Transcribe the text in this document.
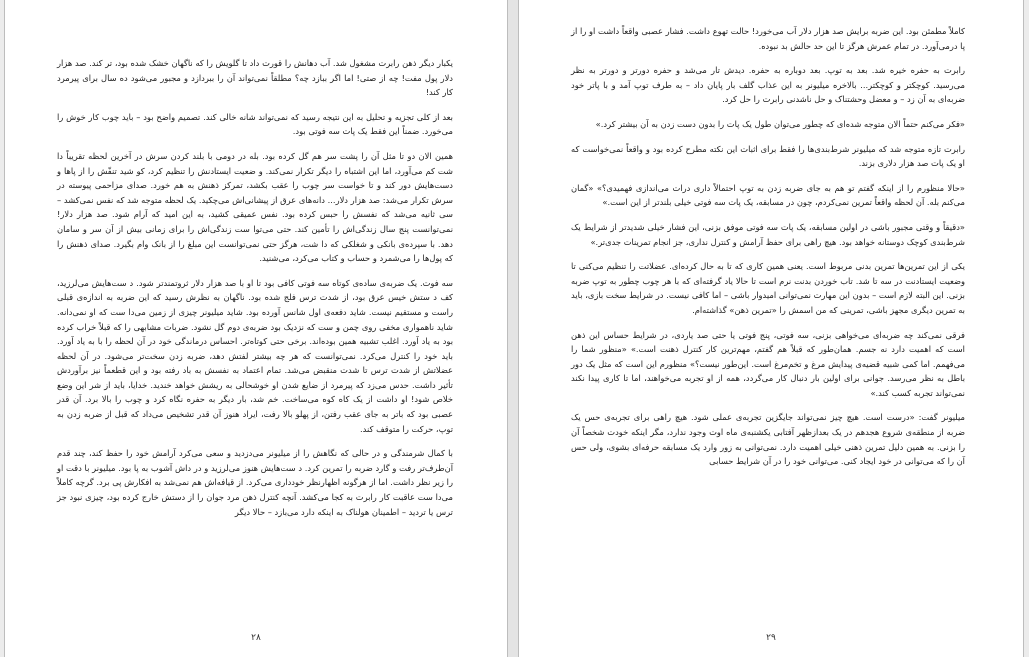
یکبار دیگر ذهن رابرت مشغول شد. آب دهانش را قورت داد تا گلویش را که ناگهان خشک شده بود، تر کند. صد هزار دلار پول مفت! چه از صتی! اما اگر ببازد چه؟ مطلقاً نمی‌تواند آن را ببردازد و مجبور می‌شود ده سال برای پیرمرد کار کند!

بعد از کلی تجزیه و تحلیل به این نتیجه رسید که نمی‌تواند شانه خالی کند. تصمیم واضح بود – باید چوب کار خوش را می‌خورد. ضمناً این فقط یک پات سه فوتی بود.

همین الان دو تا مثل آن را پشت سر هم گل کرده بود. بله در دومی با بلند کردن سرش در آخرین لحظه تقریباً دا شت کم می‌آورد، اما این اشتباه را دیگر تکرار نمی‌کند. و ضعیت ایستادنش را تنظیم کرد، کو شید تنفّش را از پاها و دست‌هایش دور کند و تا خواست سر چوب را عقب بکشد، تمرکز ذهنش به هم خورد. صدای مزاحمی پیوسته در سرش تکرار می‌شد: صد هزار دلار... دانه‌های عرق از پیشانی‌اش می‌چکید. یک لحظه متوجه شد که نفس نمی‌کشد – سی ثانیه می‌شد که نفسش را حبس کرده بود. نفس عمیقی کشید، به این امید که آرام شود. صد هزار دلار! نمی‌توانست پنج سال زندگی‌اش را تأمین کند. حتی می‌توا ست زندگی‌اش را برای زمانی بیش از آن سر و سامان دهد. با سپرده‌ی بانکی و شغلکی که دا شت، هرگز حتی نمی‌توانست این مبلغ را از بانک وام بگیرد. صدای ذهنش را که پول‌ها را می‌شمرد و حساب و کتاب می‌کرد، می‌شنید.

سه فوت. یک ضربه‌ی ساده‌ی کوتاه سه فوتی کافی بود تا او با صد هزار دلار ثروتمندتر شود. د ست‌هایش می‌لرزید، کف د ستش خیس عرق بود، از شدت ترس فلج شده بود. ناگهان به نظرش رسید که این ضربه به اندازه‌ی قبلی راست و مستقیم نیست. شاید دفعه‌ی اول شانس آورده بود. شاید میلیونر چیزی از زمین می‌دا ست که او نمی‌دانه. شاید ناهمواری مخفی روی چمن و ست که نزدیک بود ضربه‌ی دوم گل نشود. ضربات مشابهی را که قبلاً خراب کرده بود به یاد آورد. اغلب تشبیه همین بوده‌اند. برخی حتی کوتاه‌تر. احساس درماندگی خود در آن لحظه را با به یاد آورد. باید خود را کنترل می‌کرد. نمی‌توانست که هر چه بیشتر لفتش دهد، ضربه زدن سخت‌تر می‌شود. در آن لحظه عضلاتش از شدت ترس تا شدت منقبض می‌شد. تمام اعتماد به نفسش به باد رفته بود و این قطعماً نیز برآوردش تأثیر داشت. حدس می‌زد که پیرمرد از ضایع شدن او خوشحالی به ریشش خواهد خندید. خدایا، باید از شر این وضع خلاص شود! او داشت از یک کاه کوه می‌ساخت. خم شد، بار دیگر به حفره نگاه کرد و چوب را بالا برد. آن قدر عصبی بود که باتر به جای عقب رفتن، از پهلو بالا رفت، ایراد هنوز آن قدر تشخیص می‌داد که قبل از ضربه زدن به توپ، حرکت را متوقف کند.

با کمال شرمندگی و در حالی که نگاهش را از میلیونر می‌دزدید و سعی می‌کرد آرامش خود را حفظ کند، چند قدم آن‌طرف‌تر رفت و گارد ضربه را تمرین کرد. د ست‌هایش هنوز می‌لرزید و در داش آشوب به پا بود. میلیونر با دقت او را زیر نظر داشت. اما از هرگونه اظهارنظر خودداری می‌کرد. از قیافه‌اش هم نمی‌شد به افکارش پی برد. گرچه کاملاً می‌دا ست عاقبت کار رابرت به کجا می‌کشد. آنچه کنترل ذهن مرد جوان را از دستش خارج کرده بود، چیزی نبود جز ترس یا تردید – اطمینان هولناک به اینکه دارد می‌بازد – حالا دیگر

۲۸

کاملاً مطمئن بود. این ضربه برایش صد هزار دلار آب می‌خورد! حالت تهوع داشت. فشار عصبی واقعاً داشت او را از پا درمی‌آورد. در تمام عمرش هرگز تا این حد حالش بد نبوده.

رابرت به حفره خیره شد. بعد به توپ. بعد دوباره به حفره. دیدش تار می‌شد و حفره دورتر و دورتر به نظر می‌رسید. کوچکتر و کوچکتر... بالاخره میلیونر به این عذاب گلف بار پایان داد – به طرف توپ آمد و با پاتر خود ضربه‌ای به آن زد – و معضل وحشتناک و حل ناشدنی رابرت را حل کرد.

«فکر می‌کنم حتماً الان متوجه شده‌ای که چطور می‌توان طول یک پات را بدون دست زدن به آن بیشتر کرد.»

رابرت تازه متوجه شد که میلیونر شرط‌بندی‌ها را فقط برای اثبات این نکته مطرح کرده بود و واقعاً نمی‌خواست که او یک پات صد هزار دلاری بزند.

«حالا منظورم را از اینکه گفتم تو هم به جای ضربه زدن به توپ احتمالاً داری درات می‌اندازی فهمیدی؟» «گمان می‌کنم بله. آن لحظه واقعاً تمرین نمی‌کردم، چون در مسابقه، یک پات سه فوتی خیلی بلندتر از این است.»

«دقیقاً و وقتی مجبور باشی در اولین مسابقه، یک پات سه فوتی موفق بزنی، این فشار خیلی شدیدتر از شرایط یک شرط‌بندی کوچک دوستانه خواهد بود. هیچ راهی برای حفظ آرامش و کنترل نداری، جز انجام تمرینات جدی‌تر.»

یکی از این تمرین‌ها تمرین بدنی مربوط است. یعنی همین کاری که تا به حال کرده‌ای. عضلاتت را تنظیم می‌کنی تا وضعیت ایستادنت در سه تا شد. تاب خوردن بدنت نرم است تا حالا یاد گرفته‌ای که با هر چوب چطور به توپ ضربه بزنی. این البته لازم است – بدون این مهارت نمی‌توانی امیدوار باشی – اما کافی نیست. در شرایط سخت بازی، باید به تمرین دیگری مجهز باشی، تمرینی که من اسمش را «تمرین ذهن» گذاشته‌ام.

فرقی نمی‌کند چه ضربه‌ای می‌خواهی بزنی، سه فوتی، پنج فوتی یا حتی صد یاردی، در شرایط حساس این ذهن است که اهمیت دارد نه جسم. همان‌طور که قبلاً هم گفتم، مهم‌ترین کار کنترل ذهنت است.» «منظور شما را می‌فهمم. اما کمی شبیه قضیه‌ی پیدایش مرغ و تخم‌مرغ است. این‌طور نیست؟» منظورم این است که مثل یک دور باطل به نظر می‌رسد. جوانی برای اولین بار دنبال کار می‌گردد، همه از او تجربه می‌خواهند، اما تا کاری پیدا نکند نمی‌تواند تجربه کسب کند.»

میلیونر گفت: «درست است. هیچ چیز نمی‌تواند جایگزین تجربه‌ی عملی شود. هیچ راهی برای تجربه‌ی حس یک ضربه از منطقه‌ی شروع هجدهم در یک بعدازظهر آفتابی یکشنبه‌ی ماه اوت وجود ندارد، مگر اینکه خودت شخصاً آن را بزنی. به همین دلیل تمرین ذهنی خیلی اهمیت دارد. نمی‌توانی به زور وارد یک مسابقه حرفه‌ای بشوی، ولی حس آن را که می‌توانی در خود ایجاد کنی. می‌توانی خود را در آن شرایط حسابی

۲۹
